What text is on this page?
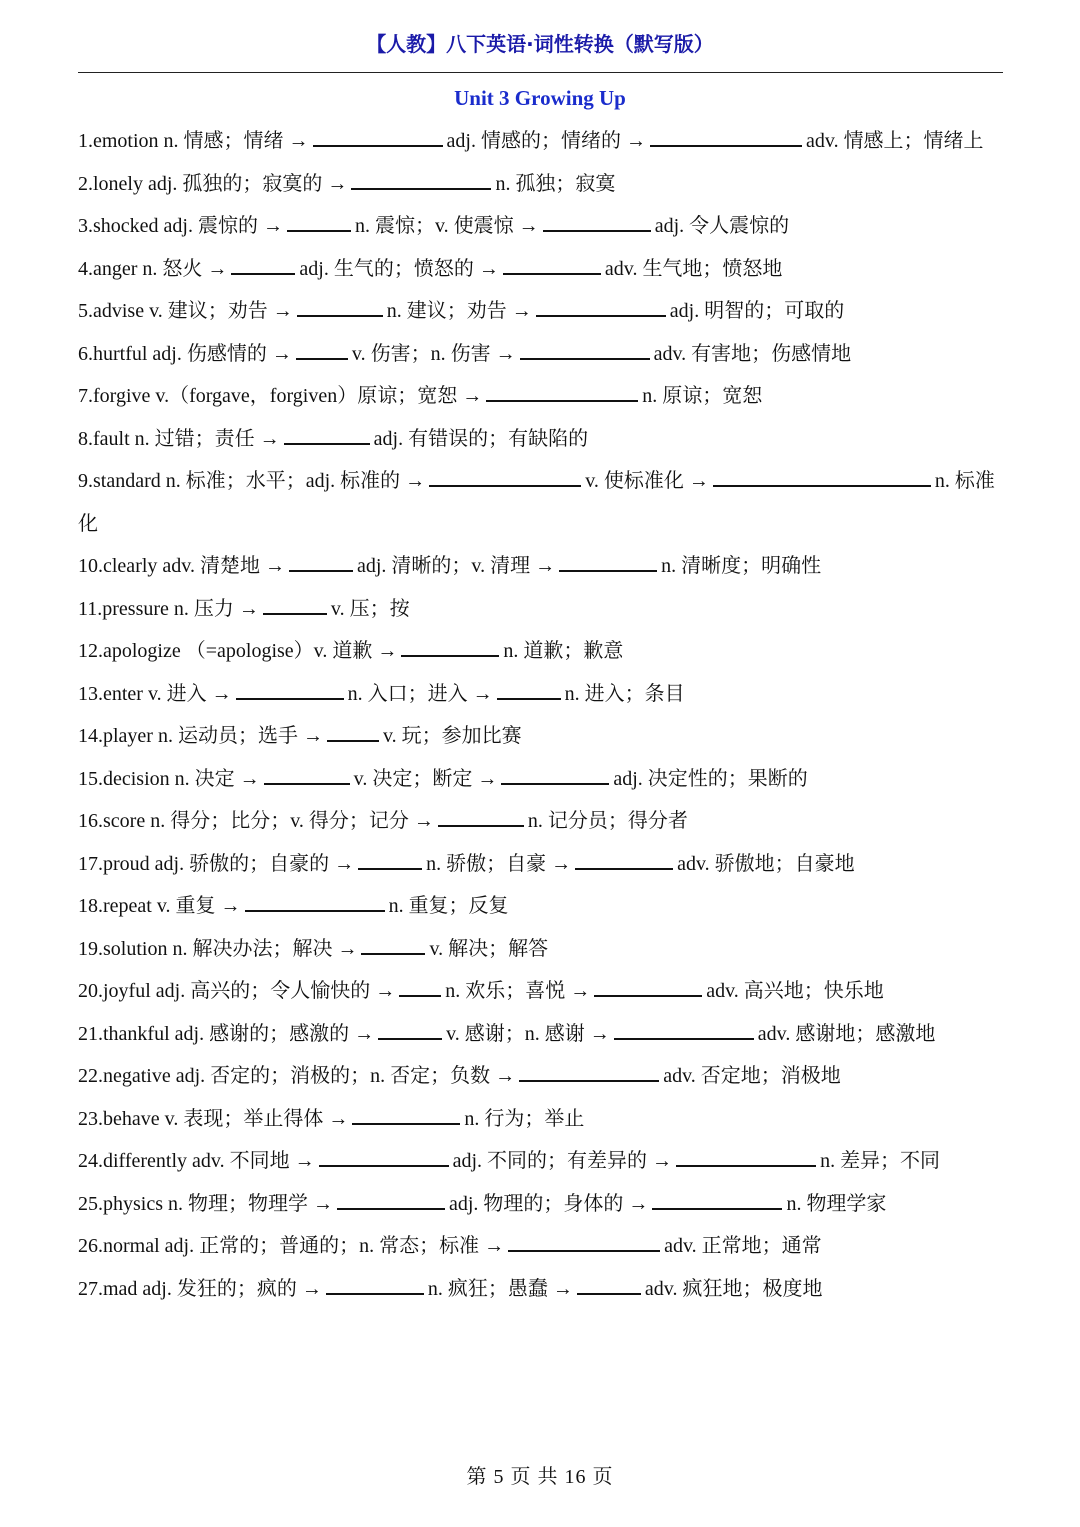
【人教】八下英语·词性转换（默写版）
Unit 3 Growing Up
1.emotion n. 情感；情绪 →	adj. 情感的；情绪的 →	adv. 情感上；情绪上
2.lonely adj. 孤独的；寂寞的 →	n. 孤独；寂寞
3.shocked adj. 震惊的 →	n. 震惊；v. 使震惊 →	adj. 令人震惊的
4.anger n. 怒火 →	adj. 生气的；愤怒的 →	adv. 生气地；愤怒地
5.advise v. 建议；劝告 →	n. 建议；劝告 →	adj. 明智的；可取的
6.hurtful adj. 伤感情的 →	v. 伤害；n. 伤害 →	adv. 有害地；伤感情地
7.forgive v.（forgave，forgiven）原谅；宽恕 →	n. 原谅；宽恕
8.fault n. 过错；责任 →	adj. 有错误的；有缺陷的
9.standard n. 标准；水平；adj. 标准的 →	v. 使标准化 →	n. 标准化
10.clearly adv. 清楚地 →	adj. 清晰的；v. 清理 →	n. 清晰度；明确性
11.pressure n. 压力 →	v. 压；按
12.apologize （=apologise）v. 道歉 →	n. 道歉；歉意
13.enter v. 进入 →	n. 入口；进入 →	n. 进入；条目
14.player n. 运动员；选手 →	v. 玩；参加比赛
15.decision n. 决定 →	v. 决定；断定 →	adj. 决定性的；果断的
16.score n. 得分；比分；v. 得分；记分 →	n. 记分员；得分者
17.proud adj. 骄傲的；自豪的 →	n. 骄傲；自豪 →	adv. 骄傲地；自豪地
18.repeat v. 重复 →	n. 重复；反复
19.solution n. 解决办法；解决 →	v. 解决；解答
20.joyful adj. 高兴的；令人愉快的 →	n. 欢乐；喜悦 →	adv. 高兴地；快乐地
21.thankful adj. 感谢的；感激的 →	v. 感谢；n. 感谢 →	adv. 感谢地；感激地
22.negative adj. 否定的；消极的；n. 否定；负数 →	adv. 否定地；消极地
23.behave v. 表现；举止得体 →	n. 行为；举止
24.differently adv. 不同地 →	adj. 不同的；有差异的 →	n. 差异；不同
25.physics n. 物理；物理学 →	adj. 物理的；身体的 →	n. 物理学家
26.normal adj. 正常的；普通的；n. 常态；标准 →	adv. 正常地；通常
27.mad adj. 发狂的；疯的 →	n. 疯狂；愚蠢 →	adv. 疯狂地；极度地
第 5 页 共 16 页
